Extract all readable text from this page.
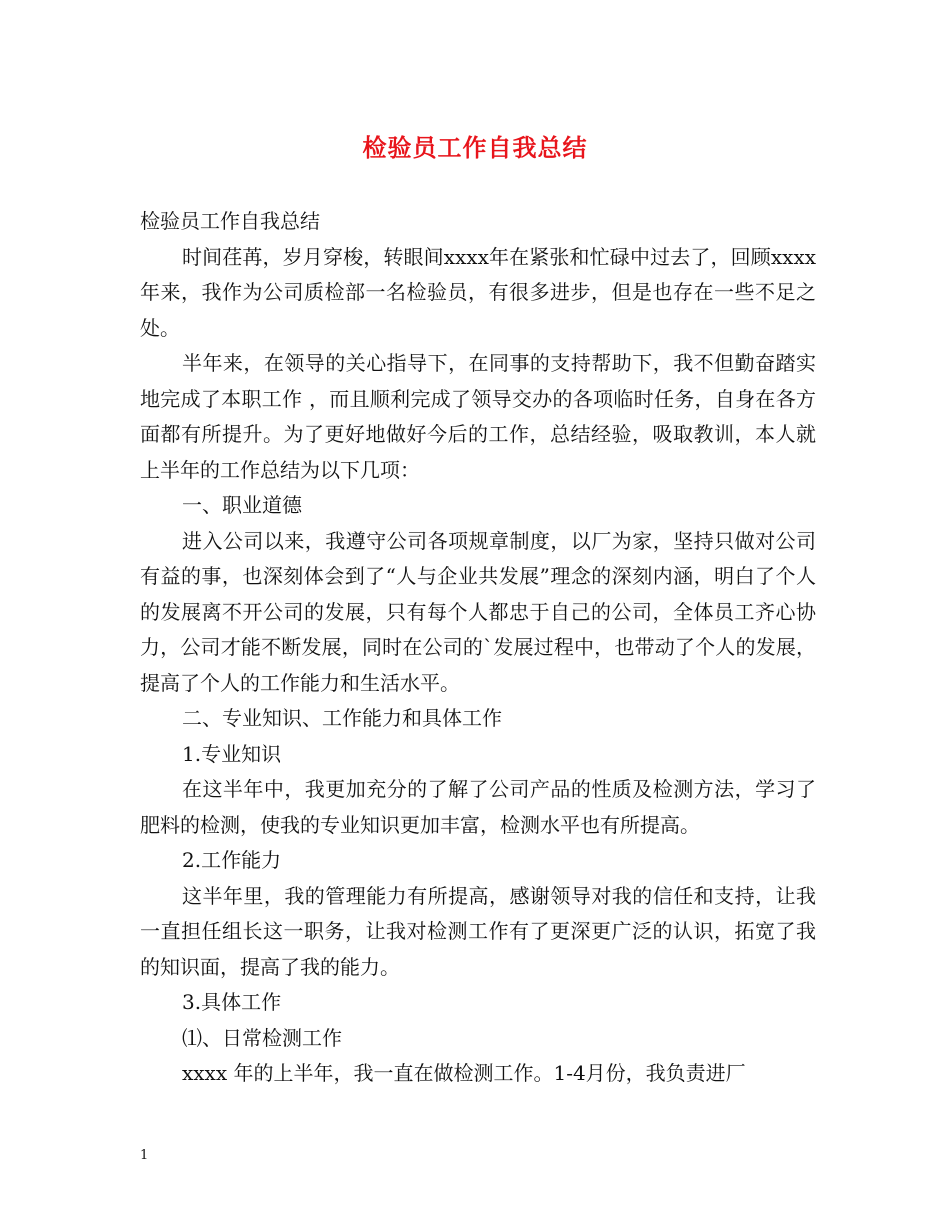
检验员工作自我总结

检验员工作自我总结

时间荏苒，岁月穿梭，转眼间xxxx年在紧张和忙碌中过去了，回顾xxxx年来，我作为公司质检部一名检验员，有很多进步，但是也存在一些不足之处。

半年来，在领导的关心指导下，在同事的支持帮助下，我不但勤奋踏实地完成了本职工作 ，而且顺利完成了领导交办的各项临时任务，自身在各方面都有所提升。为了更好地做好今后的工作，总结经验，吸取教训，本人就上半年的工作总结为以下几项：

一、职业道德

进入公司以来，我遵守公司各项规章制度，以厂为家，坚持只做对公司有益的事，也深刻体会到了“人与企业共发展”理念的深刻内涵，明白了个人的发展离不开公司的发展，只有每个人都忠于自己的公司，全体员工齐心协力，公司才能不断发展，同时在公司的`发展过程中，也带动了个人的发展，提高了个人的工作能力和生活水平。

二、专业知识、工作能力和具体工作

1.专业知识

在这半年中，我更加充分的了解了公司产品的性质及检测方法，学习了肥料的检测，使我的专业知识更加丰富，检测水平也有所提高。

2.工作能力

这半年里，我的管理能力有所提高，感谢领导对我的信任和支持，让我一直担任组长这一职务，让我对检测工作有了更深更广泛的认识，拓宽了我的知识面，提高了我的能力。

3.具体工作

⑴、日常检测工作

xxxx 年的上半年，我一直在做检测工作。1-4月份，我负责进厂

1
